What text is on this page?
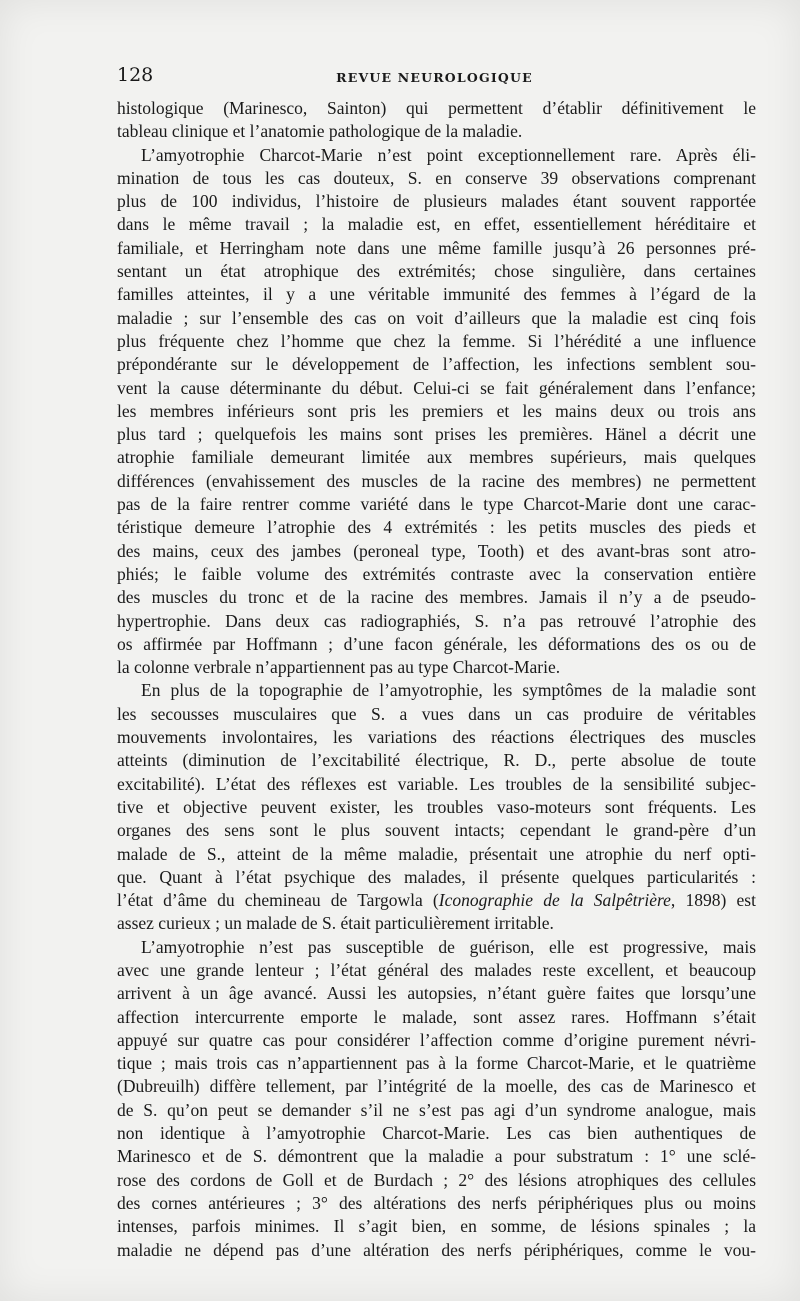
128	REVUE NEUROLOGIQUE
histologique (Marinesco, Sainton) qui permettent d’établir définitivement le
tableau clinique et l’anatomie pathologique de la maladie.
L’amyotrophie Charcot-Marie n’est point exceptionnellement rare. Après éli-
mination de tous les cas douteux, S. en conserve 39 observations comprenant
plus de 100 individus, l’histoire de plusieurs malades étant souvent rapportée
dans le même travail ; la maladie est, en effet, essentiellement héréditaire et
familiale, et Herringham note dans une même famille jusqu’à 26 personnes pré-
sentant un état atrophique des extrémités; chose singulière, dans certaines
familles atteintes, il y a une véritable immunité des femmes à l’égard de la
maladie ; sur l’ensemble des cas on voit d’ailleurs que la maladie est cinq fois
plus fréquente chez l’homme que chez la femme. Si l’hérédité a une influence
prépondérante sur le développement de l’affection, les infections semblent sou-
vent la cause déterminante du début. Celui-ci se fait généralement dans l’enfance;
les membres inférieurs sont pris les premiers et les mains deux ou trois ans
plus tard ; quelquefois les mains sont prises les premières. Hänel a décrit une
atrophie familiale demeurant limitée aux membres supérieurs, mais quelques
différences (envahissement des muscles de la racine des membres) ne permettent
pas de la faire rentrer comme variété dans le type Charcot-Marie dont une carac-
téristique demeure l’atrophie des 4 extrémités : les petits muscles des pieds et
des mains, ceux des jambes (peroneal type, Tooth) et des avant-bras sont atro-
phiés; le faible volume des extrémités contraste avec la conservation entière
des muscles du tronc et de la racine des membres. Jamais il n’y a de pseudo-
hypertrophie. Dans deux cas radiographiés, S. n’a pas retrouvé l’atrophie des
os affirmée par Hoffmann ; d’une facon générale, les déformations des os ou de
la colonne verbrale n’appartiennent pas au type Charcot-Marie.
En plus de la topographie de l’amyotrophie, les symptômes de la maladie sont
les secousses musculaires que S. a vues dans un cas produire de véritables
mouvements involontaires, les variations des réactions électriques des muscles
atteints (diminution de l’excitabilité électrique, R. D., perte absolue de toute
excitabilité). L’état des réflexes est variable. Les troubles de la sensibilité subjec-
tive et objective peuvent exister, les troubles vaso-moteurs sont fréquents. Les
organes des sens sont le plus souvent intacts; cependant le grand-père d’un
malade de S., atteint de la même maladie, présentait une atrophie du nerf opti-
que. Quant à l’état psychique des malades, il présente quelques particularités :
l’état d’âme du chemineau de Targowla (Iconographie de la Salpêtrière, 1898) est
assez curieux ; un malade de S. était particulièrement irritable.
L’amyotrophie n’est pas susceptible de guérison, elle est progressive, mais
avec une grande lenteur ; l’état général des malades reste excellent, et beaucoup
arrivent à un âge avancé. Aussi les autopsies, n’étant guère faites que lorsqu’une
affection intercurrente emporte le malade, sont assez rares. Hoffmann s’était
appuyé sur quatre cas pour considérer l’affection comme d’origine purement névri-
tique ; mais trois cas n’appartiennent pas à la forme Charcot-Marie, et le quatrième
(Dubreuilh) diffère tellement, par l’intégrité de la moelle, des cas de Marinesco et
de S. qu’on peut se demander s’il ne s’est pas agi d’un syndrome analogue, mais
non identique à l’amyotrophie Charcot-Marie. Les cas bien authentiques de
Marinesco et de S. démontrent que la maladie a pour substratum : 1° une sclé-
rose des cordons de Goll et de Burdach ; 2° des lésions atrophiques des cellules
des cornes antérieures ; 3° des altérations des nerfs périphériques plus ou moins
intenses, parfois minimes. Il s’agit bien, en somme, de lésions spinales ; la
maladie ne dépend pas d’une altération des nerfs périphériques, comme le vou-
